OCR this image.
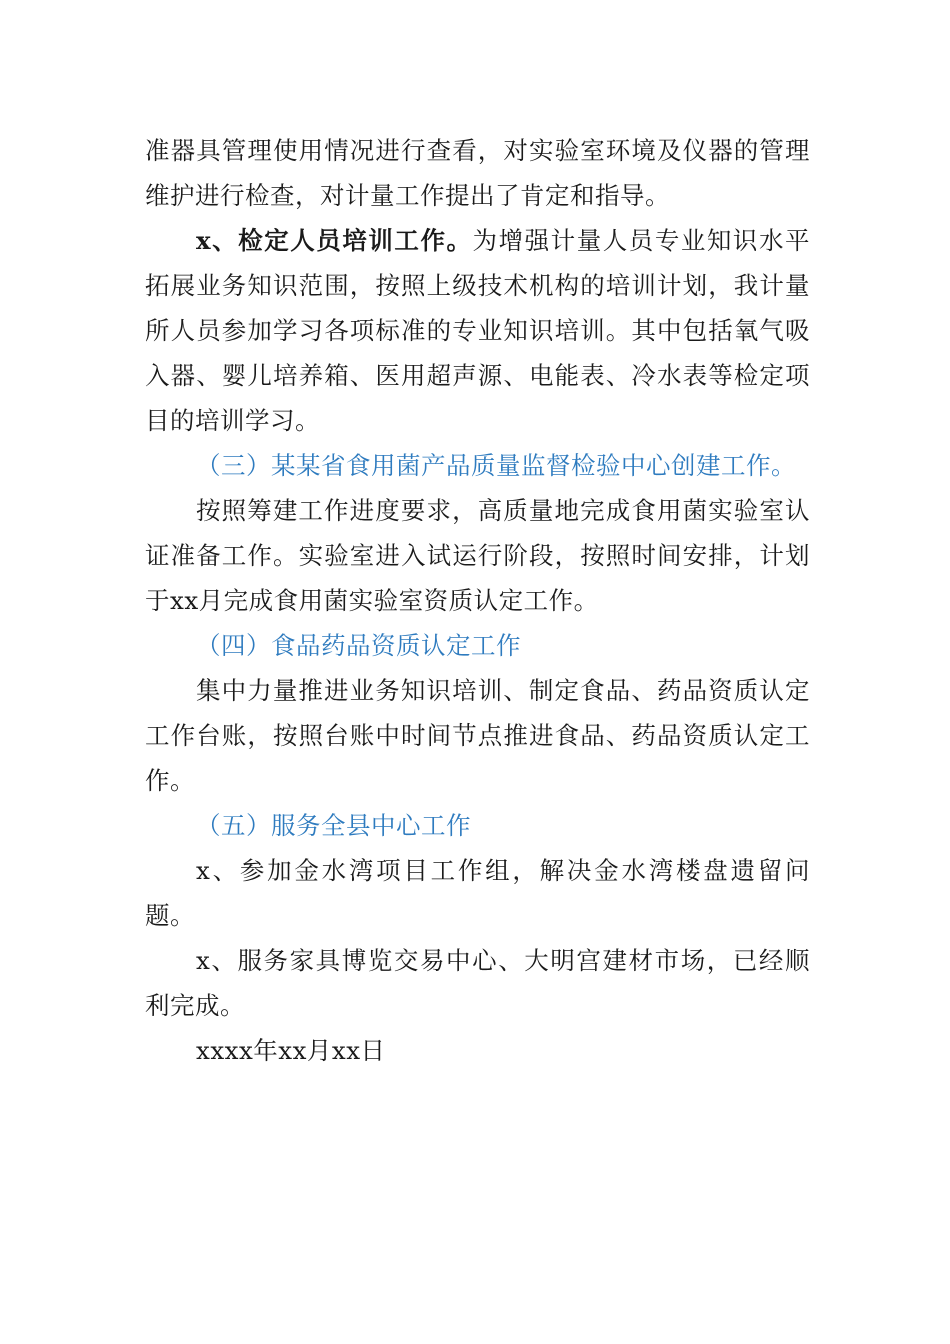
准器具管理使用情况进行查看，对实验室环境及仪器的管理维护进行检查，对计量工作提出了肯定和指导。

x、检定人员培训工作。为增强计量人员专业知识水平拓展业务知识范围，按照上级技术机构的培训计划，我计量所人员参加学习各项标准的专业知识培训。其中包括氧气吸入器、婴儿培养箱、医用超声源、电能表、冷水表等检定项目的培训学习。

（三）某某省食用菌产品质量监督检验中心创建工作。

按照筹建工作进度要求，高质量地完成食用菌实验室认证准备工作。实验室进入试运行阶段，按照时间安排，计划于xx月完成食用菌实验室资质认定工作。

（四）食品药品资质认定工作

集中力量推进业务知识培训、制定食品、药品资质认定工作台账，按照台账中时间节点推进食品、药品资质认定工作。

（五）服务全县中心工作

x、参加金水湾项目工作组，解决金水湾楼盘遗留问题。

x、服务家具博览交易中心、大明宫建材市场，已经顺利完成。

xxxx年xx月xx日
